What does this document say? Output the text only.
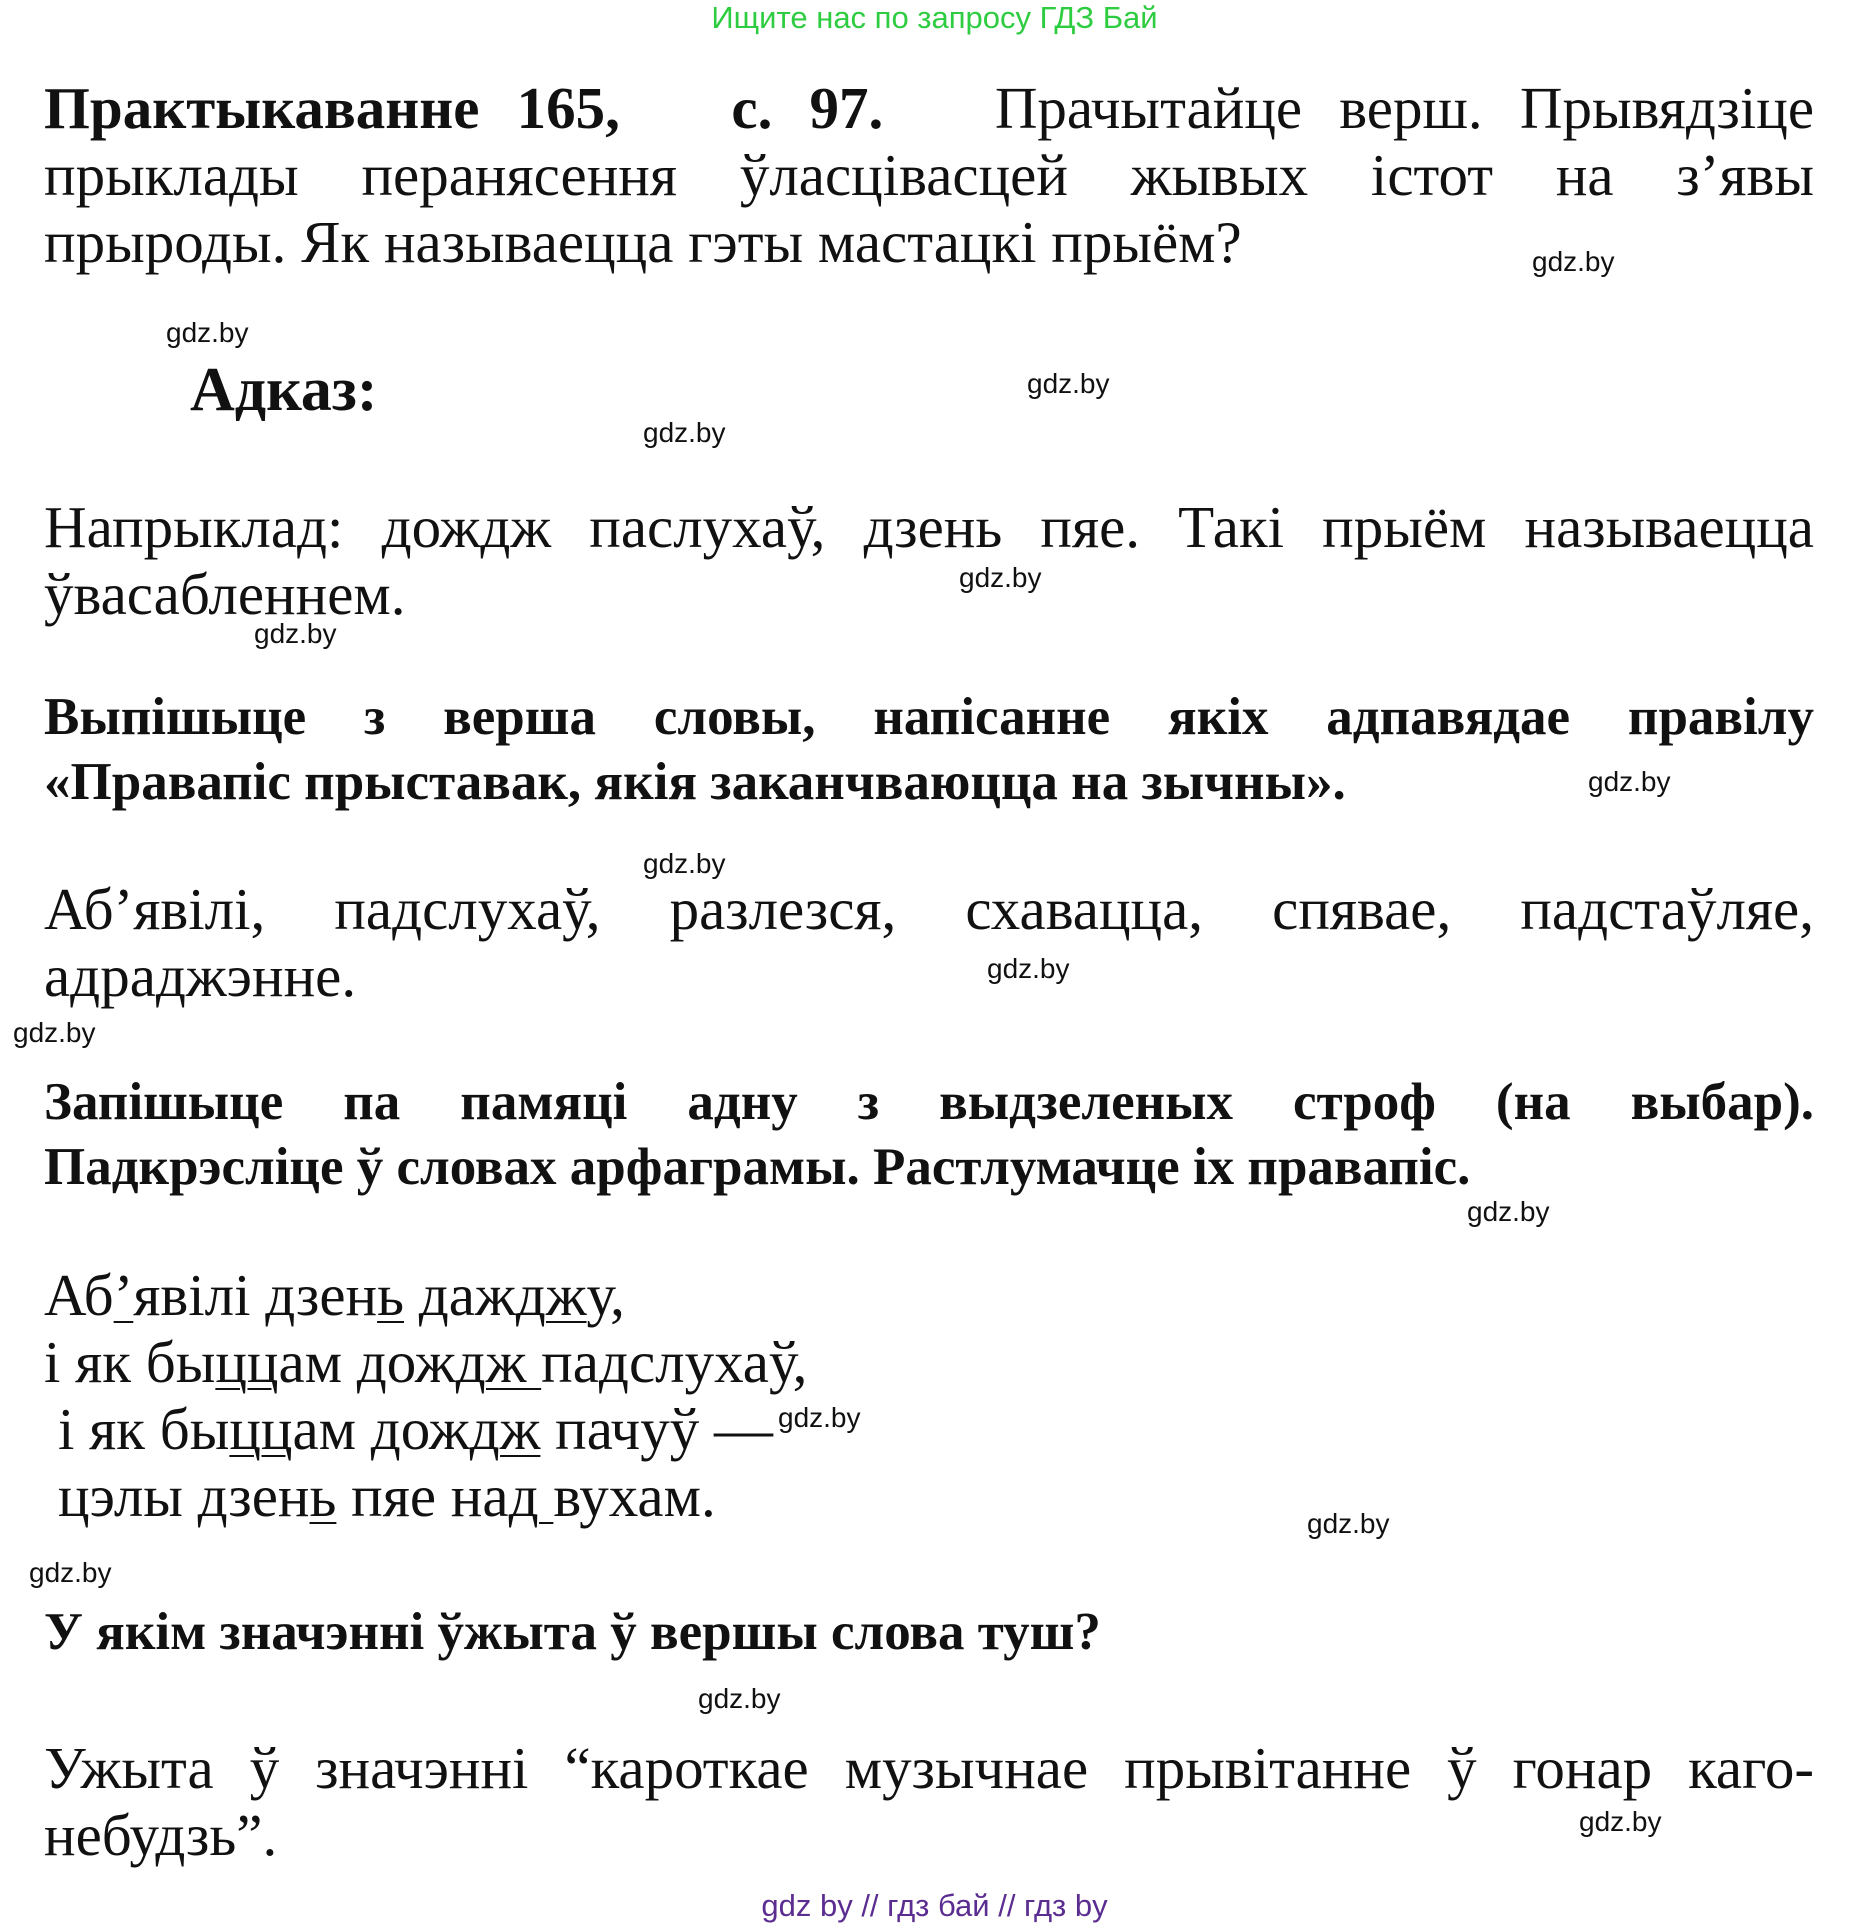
Ищите нас по запросу ГДЗ Бай
Практыкаванне 165, с. 97. Прачытайце верш. Прывядзіце
прыклады перанясення ўласцівасцей жывых істот на з’явы
прыроды. Як называецца гэты мастацкі прыём?
Адказ:
Напрыклад: дождж паслухаў, дзень пяе. Такі прыём называецца
ўвасабленнем.
Выпішыце з верша словы, напісанне якіх адпавядае правілу
«Правапіс прыставак, якія заканчваюцца на зычны».
Аб’явілі, падслухаў, разлезся, схавацца, спявае, падстаўляе,
адраджэнне.
Запішыце па памяці адну з выдзеленых строф (на выбар).
Падкрэсліце ў словах арфаграмы. Растлумачце іх правапіс.
Аб’явілі дзень дажджу,
і як быццам дождж падслухаў,
і як быццам дождж пачуў —
цэлы дзень пяе над вухам.
У якім значэнні ўжыта ў вершы слова туш?
Ужыта ў значэнні “кароткае музычнае прывітанне ў гонар каго-
небудзь”.
gdz.by
gdz.by
gdz.by
gdz.by
gdz.by
gdz.by
gdz.by
gdz.by
gdz.by
gdz.by
gdz.by
gdz.by
gdz.by
gdz.by
gdz.by
gdz.by
gdz by // гдз бай // гдз by
